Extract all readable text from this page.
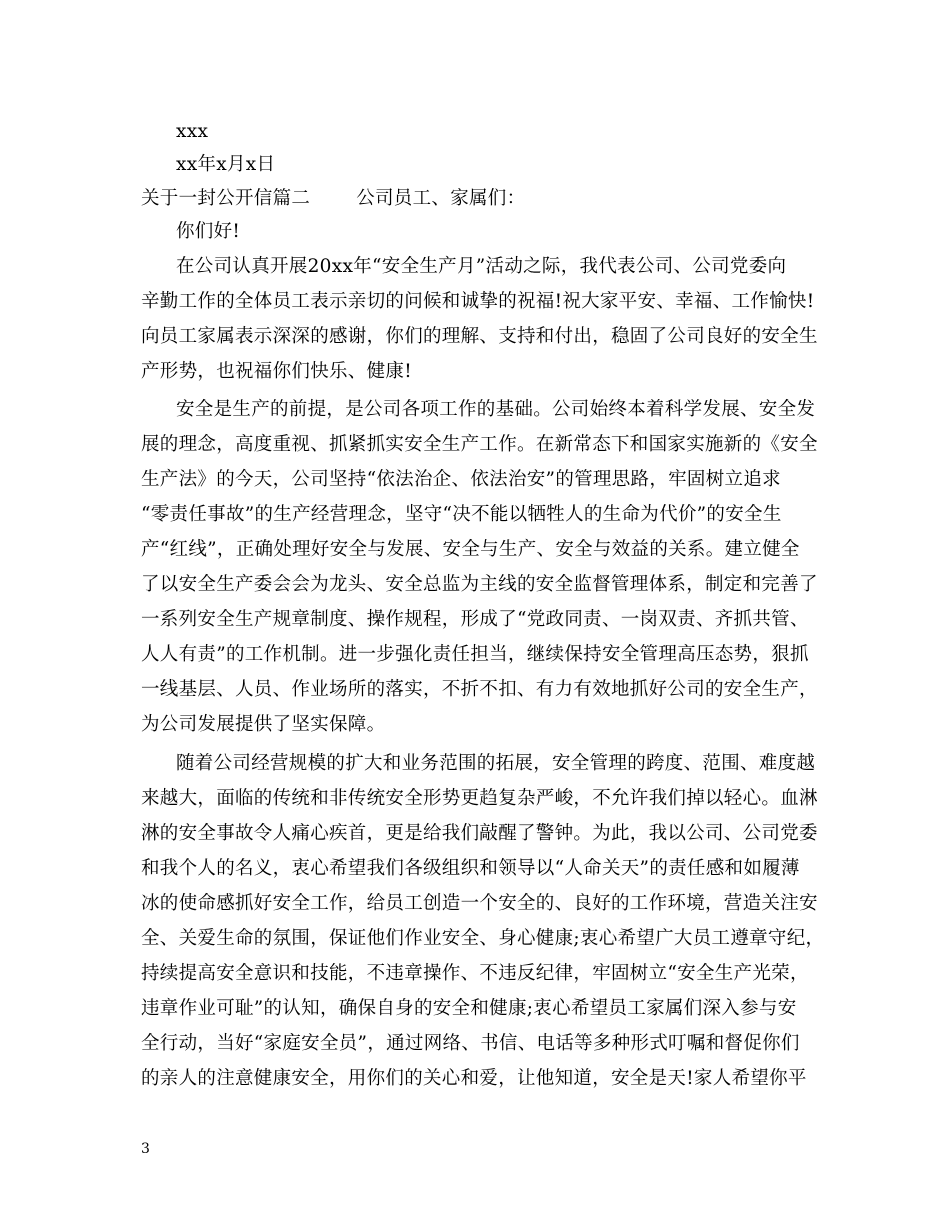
xxx
xx年x月x日
关于一封公开信篇二 公司员工、家属们：
你们好!
在公司认真开展20xx年“安全生产月”活动之际，我代表公司、公司党委向
辛勤工作的全体员工表示亲切的问候和诚挚的祝福!祝大家平安、幸福、工作愉快!
向员工家属表示深深的感谢，你们的理解、支持和付出，稳固了公司良好的安全生
产形势，也祝福你们快乐、健康!
安全是生产的前提，是公司各项工作的基础。公司始终本着科学发展、安全发
展的理念，高度重视、抓紧抓实安全生产工作。在新常态下和国家实施新的《安全
生产法》的今天，公司坚持“依法治企、依法治安”的管理思路，牢固树立追求
“零责任事故”的生产经营理念，坚守“决不能以牺牲人的生命为代价”的安全生
产“红线”，正确处理好安全与发展、安全与生产、安全与效益的关系。建立健全
了以安全生产委会会为龙头、安全总监为主线的安全监督管理体系，制定和完善了
一系列安全生产规章制度、操作规程，形成了“党政同责、一岗双责、齐抓共管、
人人有责”的工作机制。进一步强化责任担当，继续保持安全管理高压态势，狠抓
一线基层、人员、作业场所的落实，不折不扣、有力有效地抓好公司的安全生产，
为公司发展提供了坚实保障。
随着公司经营规模的扩大和业务范围的拓展，安全管理的跨度、范围、难度越
来越大，面临的传统和非传统安全形势更趋复杂严峻，不允许我们掉以轻心。血淋
淋的安全事故令人痛心疾首，更是给我们敲醒了警钟。为此，我以公司、公司党委
和我个人的名义，衷心希望我们各级组织和领导以“人命关天”的责任感和如履薄
冰的使命感抓好安全工作，给员工创造一个安全的、良好的工作环境，营造关注安
全、关爱生命的氛围，保证他们作业安全、身心健康;衷心希望广大员工遵章守纪，
持续提高安全意识和技能，不违章操作、不违反纪律，牢固树立“安全生产光荣，
违章作业可耻”的认知，确保自身的安全和健康;衷心希望员工家属们深入参与安
全行动，当好“家庭安全员”，通过网络、书信、电话等多种形式叮嘱和督促你们
的亲人的注意健康安全，用你们的关心和爱，让他知道，安全是天!家人希望你平
3
